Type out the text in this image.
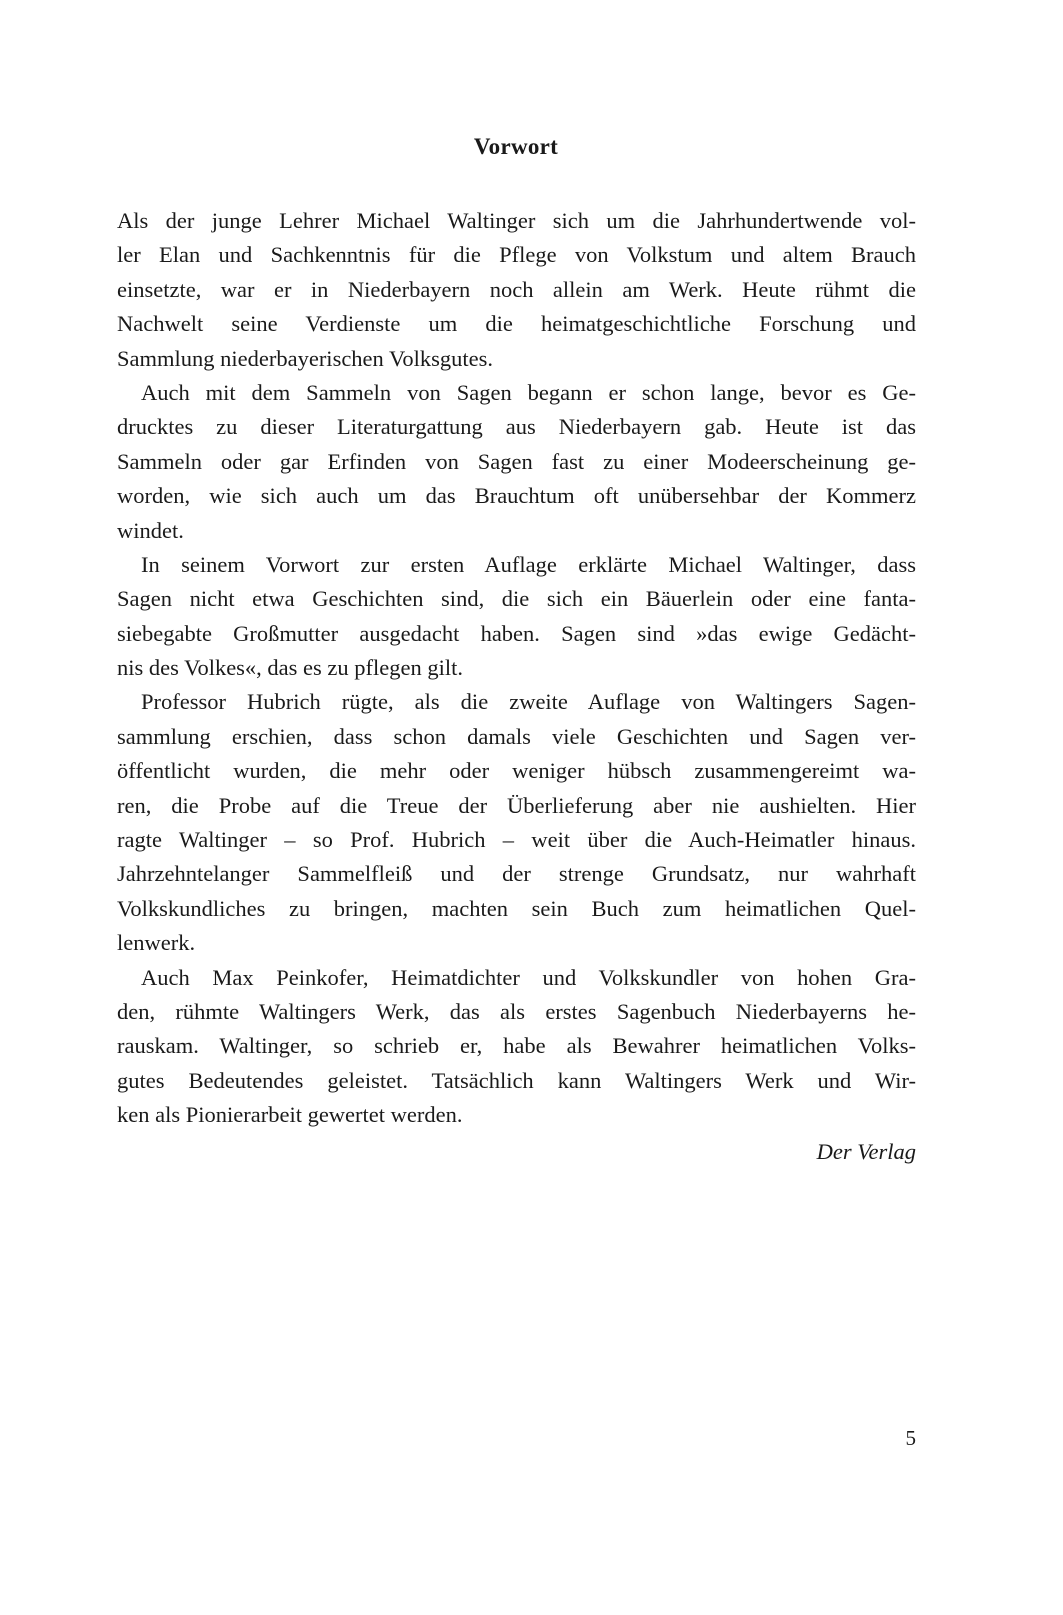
Vorwort
Als der junge Lehrer Michael Waltinger sich um die Jahrhundertwende vol-
ler Elan und Sachkenntnis für die Pflege von Volkstum und altem Brauch
einsetzte, war er in Niederbayern noch allein am Werk. Heute rühmt die
Nachwelt seine Verdienste um die heimatgeschichtliche Forschung und
Sammlung niederbayerischen Volksgutes.
Auch mit dem Sammeln von Sagen begann er schon lange, bevor es Ge-
drucktes zu dieser Literaturgattung aus Niederbayern gab. Heute ist das
Sammeln oder gar Erfinden von Sagen fast zu einer Modeerscheinung ge-
worden, wie sich auch um das Brauchtum oft unübersehbar der Kommerz
windet.
In seinem Vorwort zur ersten Auflage erklärte Michael Waltinger, dass
Sagen nicht etwa Geschichten sind, die sich ein Bäuerlein oder eine fanta-
siebegabte Großmutter ausgedacht haben. Sagen sind »das ewige Gedächt-
nis des Volkes«, das es zu pflegen gilt.
Professor Hubrich rügte, als die zweite Auflage von Waltingers Sagen-
sammlung erschien, dass schon damals viele Geschichten und Sagen ver-
öffentlicht wurden, die mehr oder weniger hübsch zusammengereimt wa-
ren, die Probe auf die Treue der Überlieferung aber nie aushielten. Hier
ragte Waltinger – so Prof. Hubrich – weit über die Auch-Heimatler hinaus.
Jahrzehntelanger Sammelfleiß und der strenge Grundsatz, nur wahrhaft
Volkskundliches zu bringen, machten sein Buch zum heimatlichen Quel-
lenwerk.
Auch Max Peinkofer, Heimatdichter und Volkskundler von hohen Gra-
den, rühmte Waltingers Werk, das als erstes Sagenbuch Niederbayerns he-
rauskam. Waltinger, so schrieb er, habe als Bewahrer heimatlichen Volks-
gutes Bedeutendes geleistet. Tatsächlich kann Waltingers Werk und Wir-
ken als Pionierarbeit gewertet werden.
Der Verlag
5
